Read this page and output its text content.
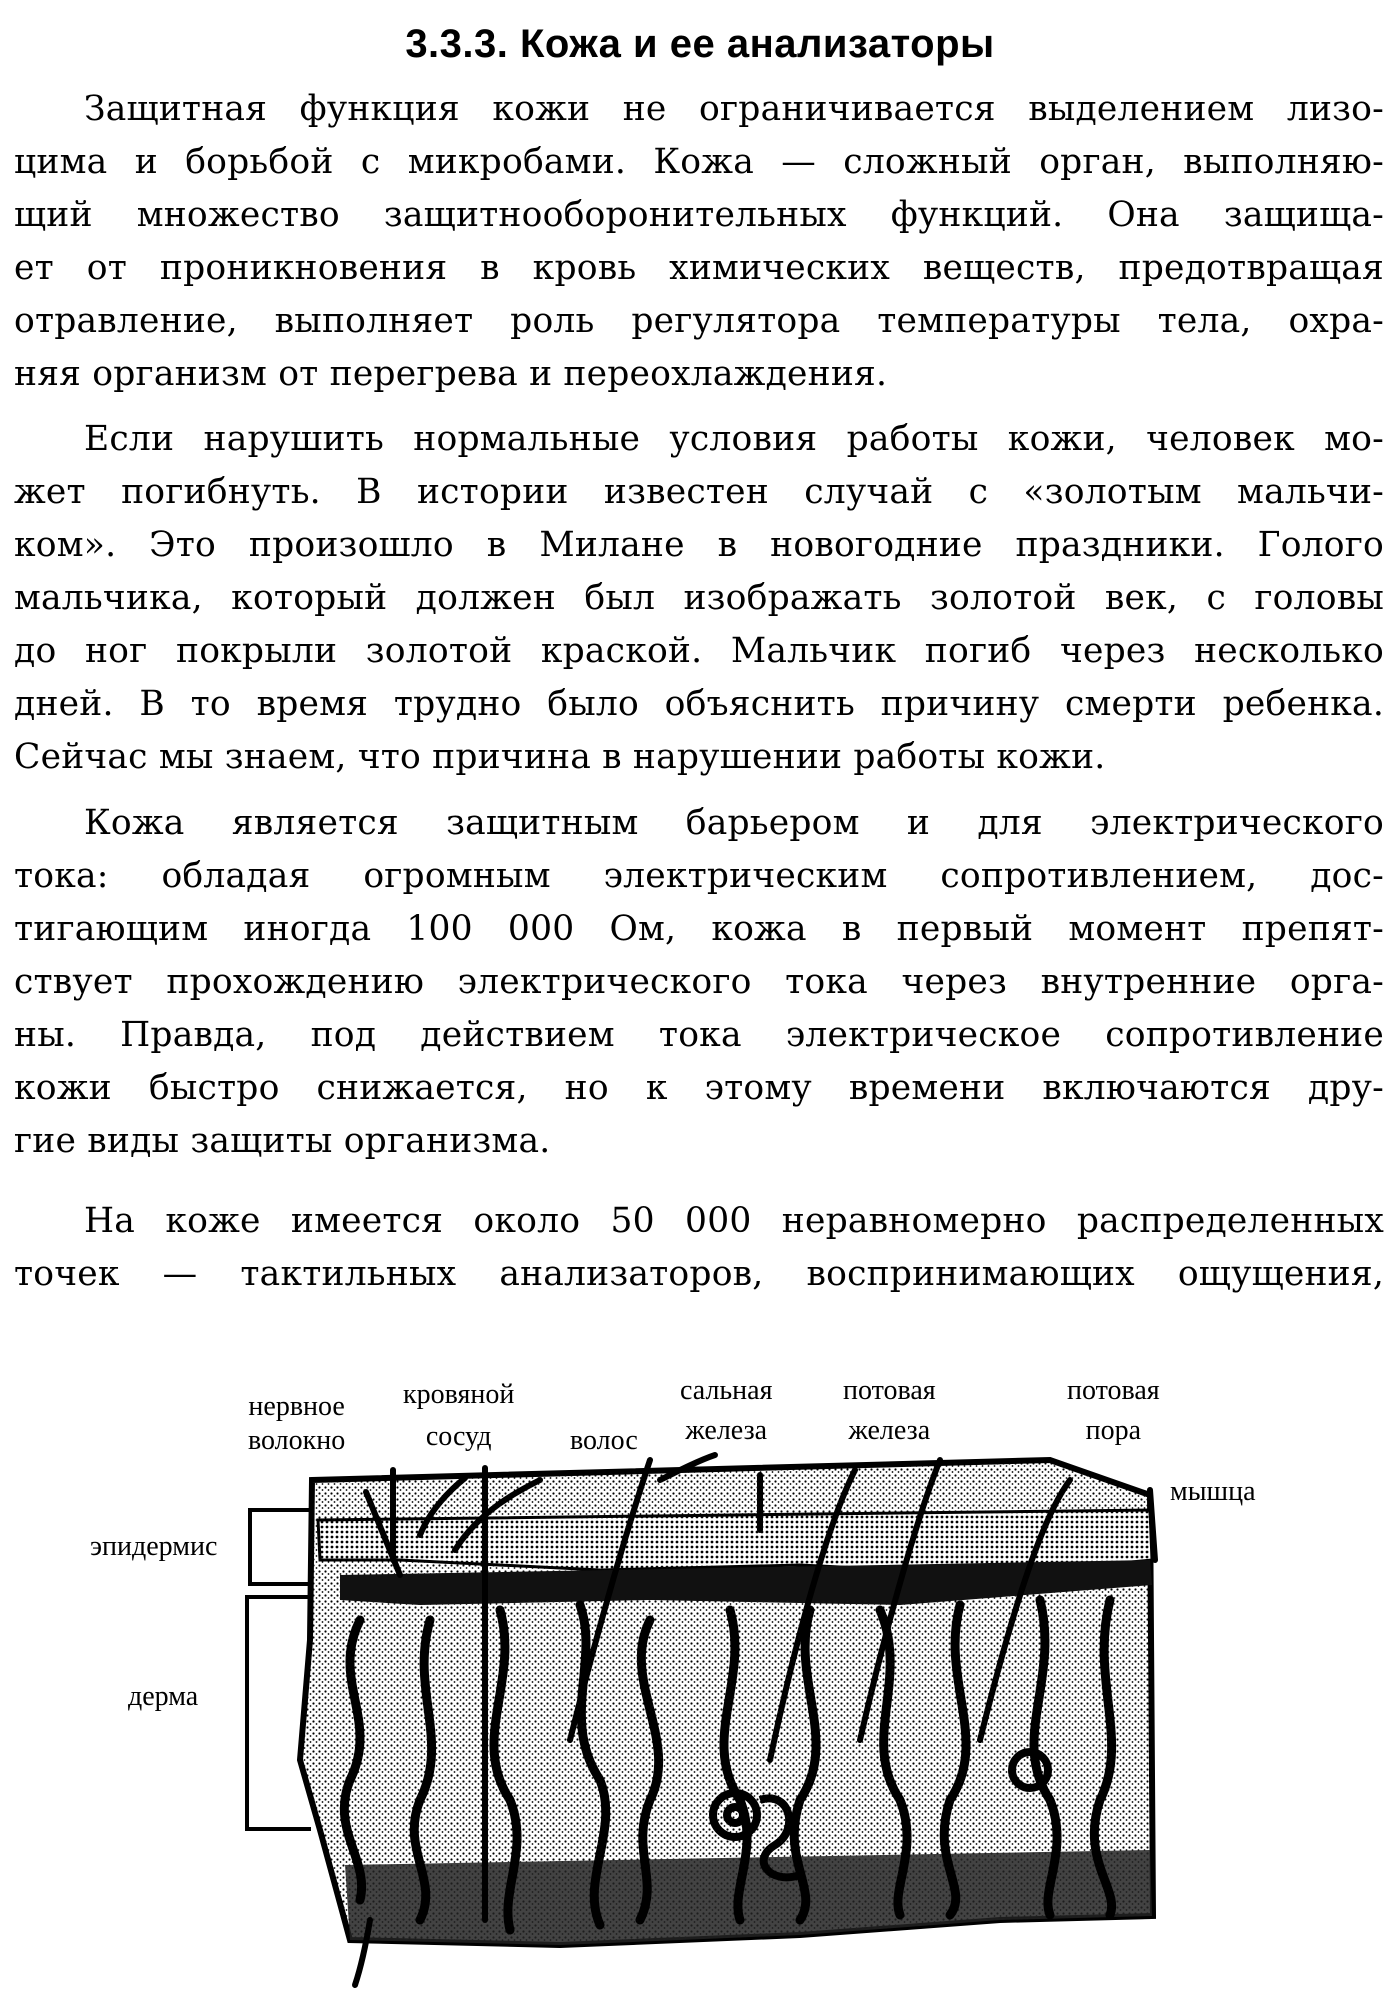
3.3.3. Кожа и ее анализаторы
Защитная функция кожи не ограничивается выделением лизо-
цима и борьбой с микробами. Кожа — сложный орган, выполняю-
щий множество защитнооборонительных функций. Она защища-
ет от проникновения в кровь химических веществ, предотвращая
отравление, выполняет роль регулятора температуры тела, охра-
няя организм от перегрева и переохлаждения.
Если нарушить нормальные условия работы кожи, человек мо-
жет погибнуть. В истории известен случай с «золотым мальчи-
ком». Это произошло в Милане в новогодние праздники. Голого
мальчика, который должен был изображать золотой век, с головы
до ног покрыли золотой краской. Мальчик погиб через несколько
дней. В то время трудно было объяснить причину смерти ребенка.
Сейчас мы знаем, что причина в нарушении работы кожи.
Кожа является защитным барьером и для электрического
тока: обладая огромным электрическим сопротивлением, дос-
тигающим иногда 100 000 Ом, кожа в первый момент препят-
ствует прохождению электрического тока через внутренние орга-
ны. Правда, под действием тока электрическое сопротивление
кожи быстро снижается, но к этому времени включаются дру-
гие виды защиты организма.
На коже имеется около 50 000 неравномерно распределенных
точек — тактильных анализаторов, воспринимающих ощущения,
нервное
волокно
кровяной
сосуд	волос
сальная
железа
потовая
железа
потовая
пора
мышца
эпидермис
дерма
